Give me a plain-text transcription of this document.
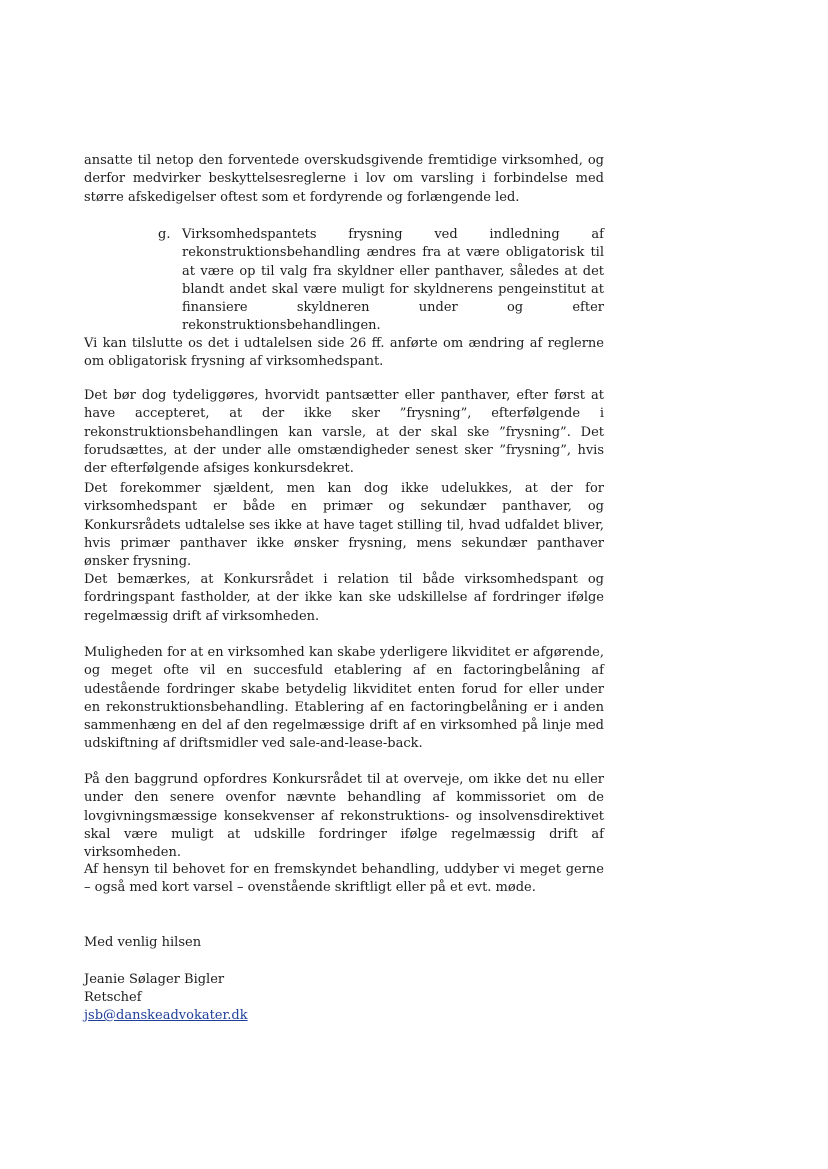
ansatte til netop den forventede overskudsgivende fremtidige virksomhed, og derfor medvirker beskyttelsesreglerne i lov om varsling i forbindelse med større afskedigelser oftest som et fordyrende og forlængende led.

g. Virksomhedspantets frysning ved indledning af rekonstruktionsbehandling ændres fra at være obligatorisk til at være op til valg fra skyldner eller panthaver, således at det blandt andet skal være muligt for skyldnerens pengeinstitut at finansiere skyldneren under og efter rekonstruktionsbehandlingen.

Vi kan tilslutte os det i udtalelsen side 26 ff. anførte om ændring af reglerne om obligatorisk frysning af virksomhedspant.

Det bør dog tydeliggøres, hvorvidt pantsætter eller panthaver, efter først at have accepteret, at der ikke sker ”frysning”, efterfølgende i rekonstruktionsbehandlingen kan varsle, at der skal ske ”frysning”. Det forudsættes, at der under alle omstændigheder senest sker ”frysning”, hvis der efterfølgende afsiges konkursdekret.

Det forekommer sjældent, men kan dog ikke udelukkes, at der for virksomhedspant er både en primær og sekundær panthaver, og Konkursrådets udtalelse ses ikke at have taget stilling til, hvad udfaldet bliver, hvis primær panthaver ikke ønsker frysning, mens sekundær panthaver ønsker frysning.

Det bemærkes, at Konkursrådet i relation til både virksomhedspant og fordringspant fastholder, at der ikke kan ske udskillelse af fordringer ifølge regelmæssig drift af virksomheden.

Muligheden for at en virksomhed kan skabe yderligere likviditet er afgørende, og meget ofte vil en succesfuld etablering af en factoringbelåning af udestående fordringer skabe betydelig likviditet enten forud for eller under en rekonstruktionsbehandling. Etablering af en factoringbelåning er i anden sammenhæng en del af den regelmæssige drift af en virksomhed på linje med udskiftning af driftsmidler ved sale-and-lease-back.

På den baggrund opfordres Konkursrådet til at overveje, om ikke det nu eller under den senere ovenfor nævnte behandling af kommissoriet om de lovgivningsmæssige konsekvenser af rekonstruktions- og insolvensdirektivet skal være muligt at udskille fordringer ifølge regelmæssig drift af virksomheden.

Af hensyn til behovet for en fremskyndet behandling, uddyber vi meget gerne – også med kort varsel – ovenstående skriftligt eller på et evt. møde.

Med venlig hilsen
Jeanie Sølager Bigler
Retschef
jsb@danskeadvokater.dk
